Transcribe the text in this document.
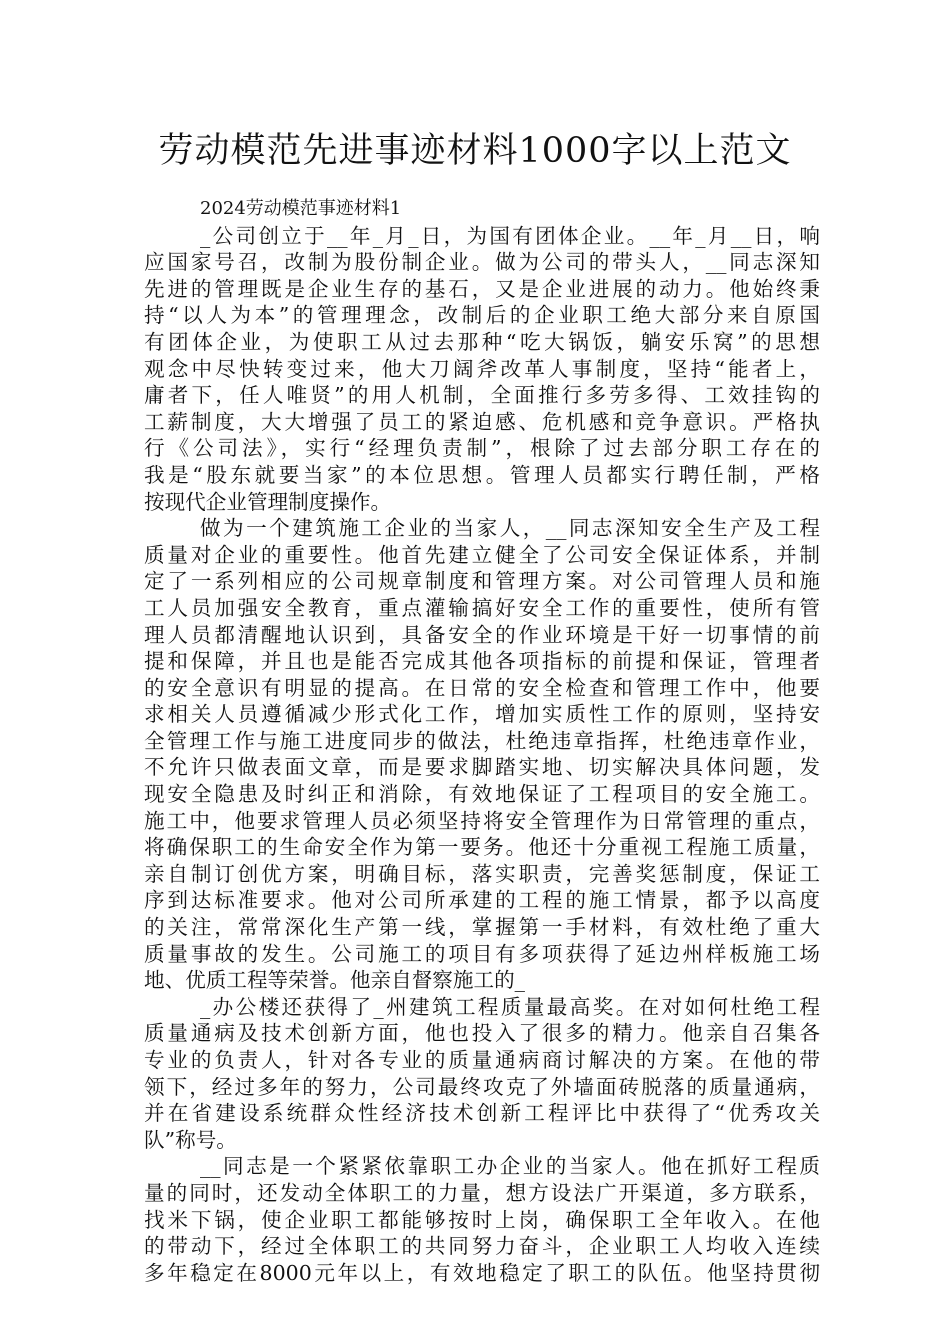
劳动模范先进事迹材料1000字以上范文
2024劳动模范事迹材料1
_公司创立于__年_月_日，为国有团体企业。__年_月__日，响
应国家号召，改制为股份制企业。做为公司的带头人，__同志深知
先进的管理既是企业生存的基石，又是企业进展的动力。他始终秉
持“以人为本”的管理理念，改制后的企业职工绝大部分来自原国
有团体企业，为使职工从过去那种“吃大锅饭，躺安乐窝”的思想
观念中尽快转变过来，他大刀阔斧改革人事制度，坚持“能者上，
庸者下，任人唯贤”的用人机制，全面推行多劳多得、工效挂钩的
工薪制度，大大增强了员工的紧迫感、危机感和竞争意识。严格执
行《公司法》，实行“经理负责制”，根除了过去部分职工存在的
我是“股东就要当家”的本位思想。管理人员都实行聘任制，严格
按现代企业管理制度操作。
做为一个建筑施工企业的当家人，__同志深知安全生产及工程
质量对企业的重要性。他首先建立健全了公司安全保证体系，并制
定了一系列相应的公司规章制度和管理方案。对公司管理人员和施
工人员加强安全教育，重点灌输搞好安全工作的重要性，使所有管
理人员都清醒地认识到，具备安全的作业环境是干好一切事情的前
提和保障，并且也是能否完成其他各项指标的前提和保证，管理者
的安全意识有明显的提高。在日常的安全检查和管理工作中，他要
求相关人员遵循减少形式化工作，增加实质性工作的原则，坚持安
全管理工作与施工进度同步的做法，杜绝违章指挥，杜绝违章作业，
不允许只做表面文章，而是要求脚踏实地、切实解决具体问题，发
现安全隐患及时纠正和消除，有效地保证了工程项目的安全施工。
施工中，他要求管理人员必须坚持将安全管理作为日常管理的重点，
将确保职工的生命安全作为第一要务。他还十分重视工程施工质量，
亲自制订创优方案，明确目标，落实职责，完善奖惩制度，保证工
序到达标准要求。他对公司所承建的工程的施工情景，都予以高度
的关注，常常深化生产第一线，掌握第一手材料，有效杜绝了重大
质量事故的发生。公司施工的项目有多项获得了延边州样板施工场
地、优质工程等荣誉。他亲自督察施工的_
_办公楼还获得了_州建筑工程质量最高奖。在对如何杜绝工程
质量通病及技术创新方面，他也投入了很多的精力。他亲自召集各
专业的负责人，针对各专业的质量通病商讨解决的方案。在他的带
领下，经过多年的努力，公司最终攻克了外墙面砖脱落的质量通病，
并在省建设系统群众性经济技术创新工程评比中获得了“优秀攻关
队”称号。
__同志是一个紧紧依靠职工办企业的当家人。他在抓好工程质
量的同时，还发动全体职工的力量，想方设法广开渠道，多方联系，
找米下锅，使企业职工都能够按时上岗，确保职工全年收入。在他
的带动下，经过全体职工的共同努力奋斗，企业职工人均收入连续
多年稳定在8000元年以上，有效地稳定了职工的队伍。他坚持贯彻
